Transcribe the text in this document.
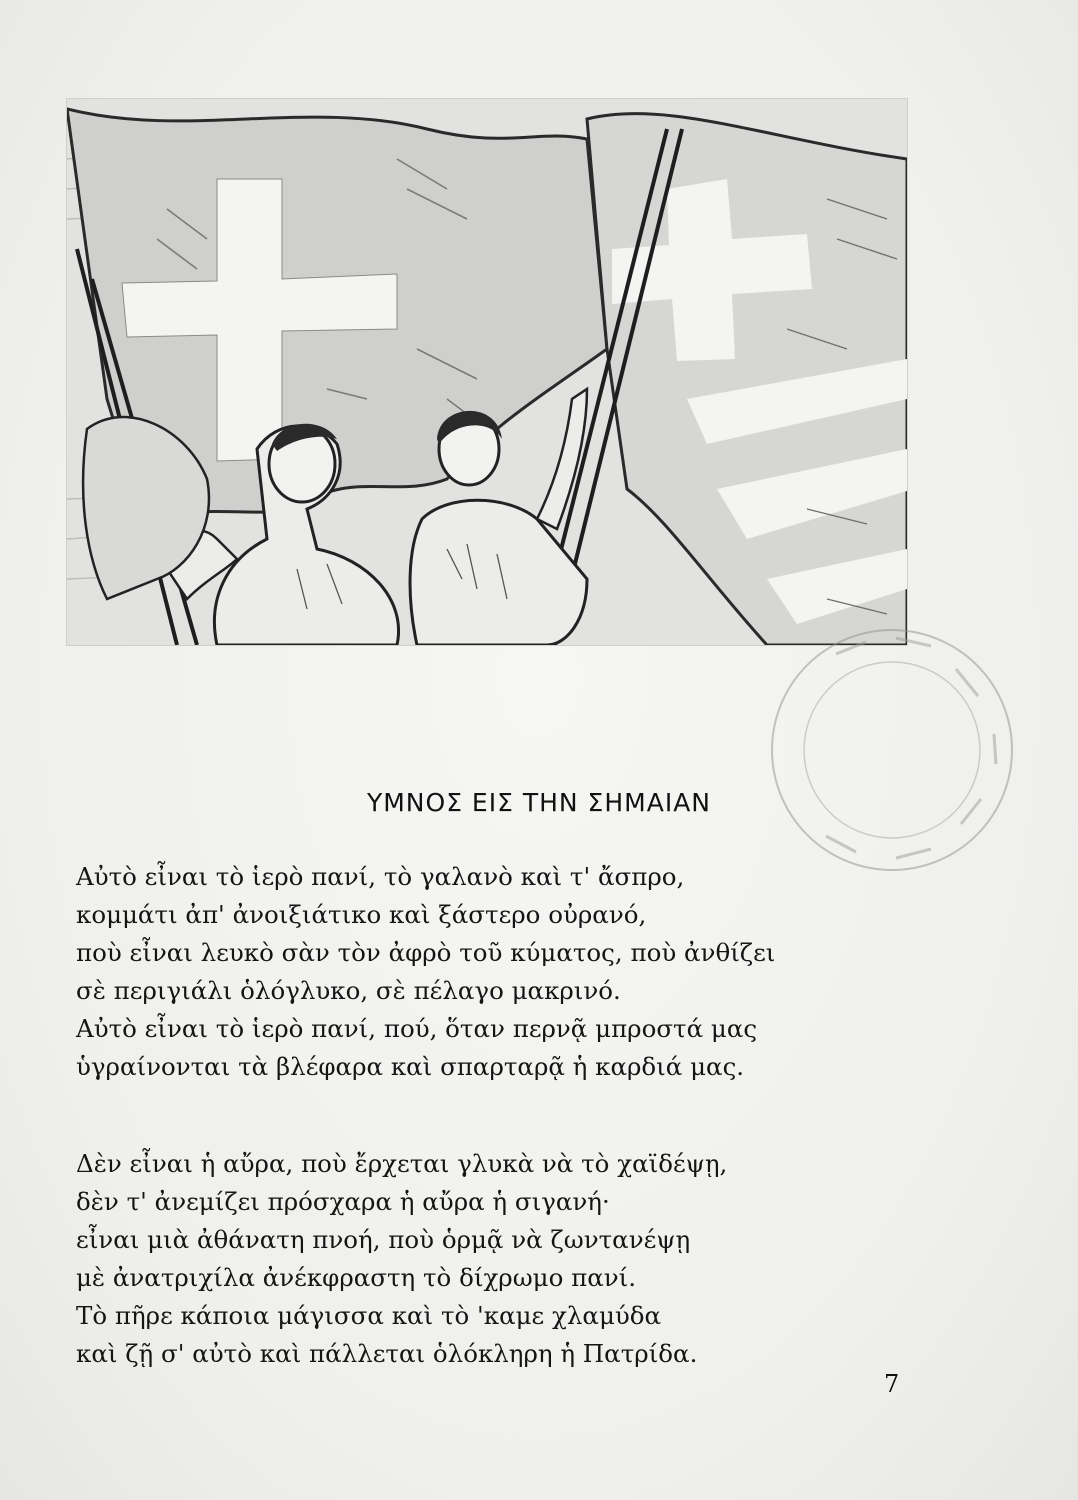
ΥΜΝΟΣ ΕΙΣ ΤΗΝ ΣΗΜΑΙΑΝ
Αὐτὸ εἶναι τὸ ἱερὸ πανί, τὸ γαλανὸ καὶ τ' ἄσπρο,
κομμάτι ἀπ' ἀνοιξιάτικο καὶ ξάστερο οὐρανό,
ποὺ εἶναι λευκὸ σὰν τὸν ἀφρὸ τοῦ κύματος, ποὺ ἀνθίζει
σὲ περιγιάλι ὁλόγλυκο, σὲ πέλαγο μακρινό.
Αὐτὸ εἶναι τὸ ἱερὸ πανί, πού, ὅταν περνᾷ μπροστά μας
ὑγραίνονται τὰ βλέφαρα καὶ σπαρταρᾷ ἡ καρδιά μας.
Δὲν εἶναι ἡ αὔρα, ποὺ ἔρχεται γλυκὰ νὰ τὸ χαϊδέψῃ,
δὲν τ' ἀνεμίζει πρόσχαρα ἡ αὔρα ἡ σιγανή·
εἶναι μιὰ ἀθάνατη πνοή, ποὺ ὁρμᾷ νὰ ζωντανέψῃ
μὲ ἀνατριχίλα ἀνέκφραστη τὸ δίχρωμο πανί.
Τὸ πῆρε κάποια μάγισσα καὶ τὸ 'καμε χλαμύδα
καὶ ζῇ σ' αὐτὸ καὶ πάλλεται ὁλόκληρη ἡ Πατρίδα.
7
